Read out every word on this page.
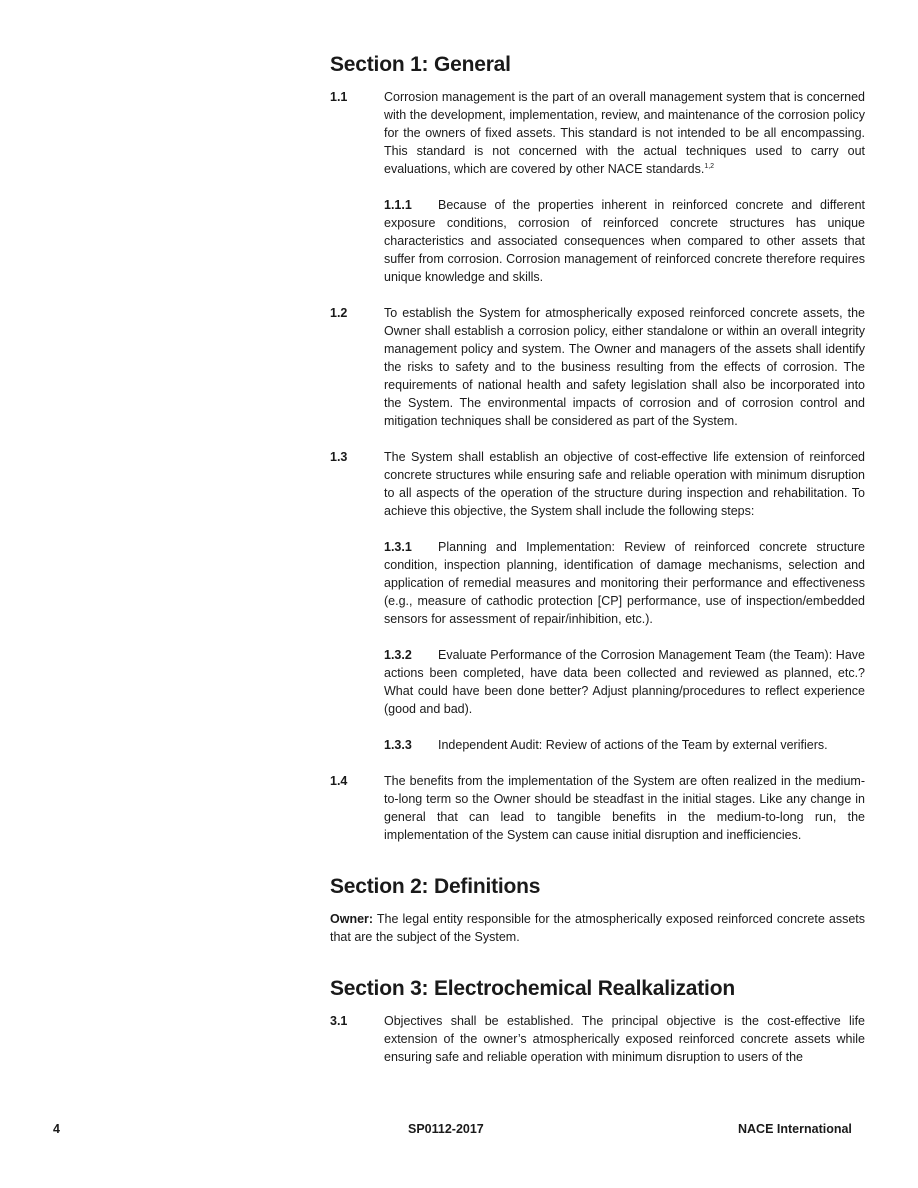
Section 1: General
1.1	Corrosion management is the part of an overall management system that is concerned with the development, implementation, review, and maintenance of the corrosion policy for the owners of fixed assets. This standard is not intended to be all encompassing. This standard is not concerned with the actual techniques used to carry out evaluations, which are covered by other NACE standards.$^{1,2}$
1.1.1 Because of the properties inherent in reinforced concrete and different exposure conditions, corrosion of reinforced concrete structures has unique characteristics and associated consequences when compared to other assets that suffer from corrosion. Corrosion management of reinforced concrete therefore requires unique knowledge and skills.
1.2	To establish the System for atmospherically exposed reinforced concrete assets, the Owner shall establish a corrosion policy, either standalone or within an overall integrity management policy and system. The Owner and managers of the assets shall identify the risks to safety and to the business resulting from the effects of corrosion. The requirements of national health and safety legislation shall also be incorporated into the System. The environmental impacts of corrosion and of corrosion control and mitigation techniques shall be considered as part of the System.
1.3	The System shall establish an objective of cost-effective life extension of reinforced concrete structures while ensuring safe and reliable operation with minimum disruption to all aspects of the operation of the structure during inspection and rehabilitation. To achieve this objective, the System shall include the following steps:
1.3.1 Planning and Implementation: Review of reinforced concrete structure condition, inspection planning, identification of damage mechanisms, selection and application of remedial measures and monitoring their performance and effectiveness (e.g., measure of cathodic protection [CP] performance, use of inspection/embedded sensors for assessment of repair/inhibition, etc.).
1.3.2 Evaluate Performance of the Corrosion Management Team (the Team): Have actions been completed, have data been collected and reviewed as planned, etc.? What could have been done better? Adjust planning/procedures to reflect experience (good and bad).
1.3.3 Independent Audit: Review of actions of the Team by external verifiers.
1.4	The benefits from the implementation of the System are often realized in the medium-to-long term so the Owner should be steadfast in the initial stages. Like any change in general that can lead to tangible benefits in the medium-to-long run, the implementation of the System can cause initial disruption and inefficiencies.
Section 2: Definitions
Owner: The legal entity responsible for the atmospherically exposed reinforced concrete assets that are the subject of the System.
Section 3: Electrochemical Realkalization
3.1	Objectives shall be established. The principal objective is the cost-effective life extension of the owner’s atmospherically exposed reinforced concrete assets while ensuring safe and reliable operation with minimum disruption to users of the
4	SP0112-2017	NACE International
